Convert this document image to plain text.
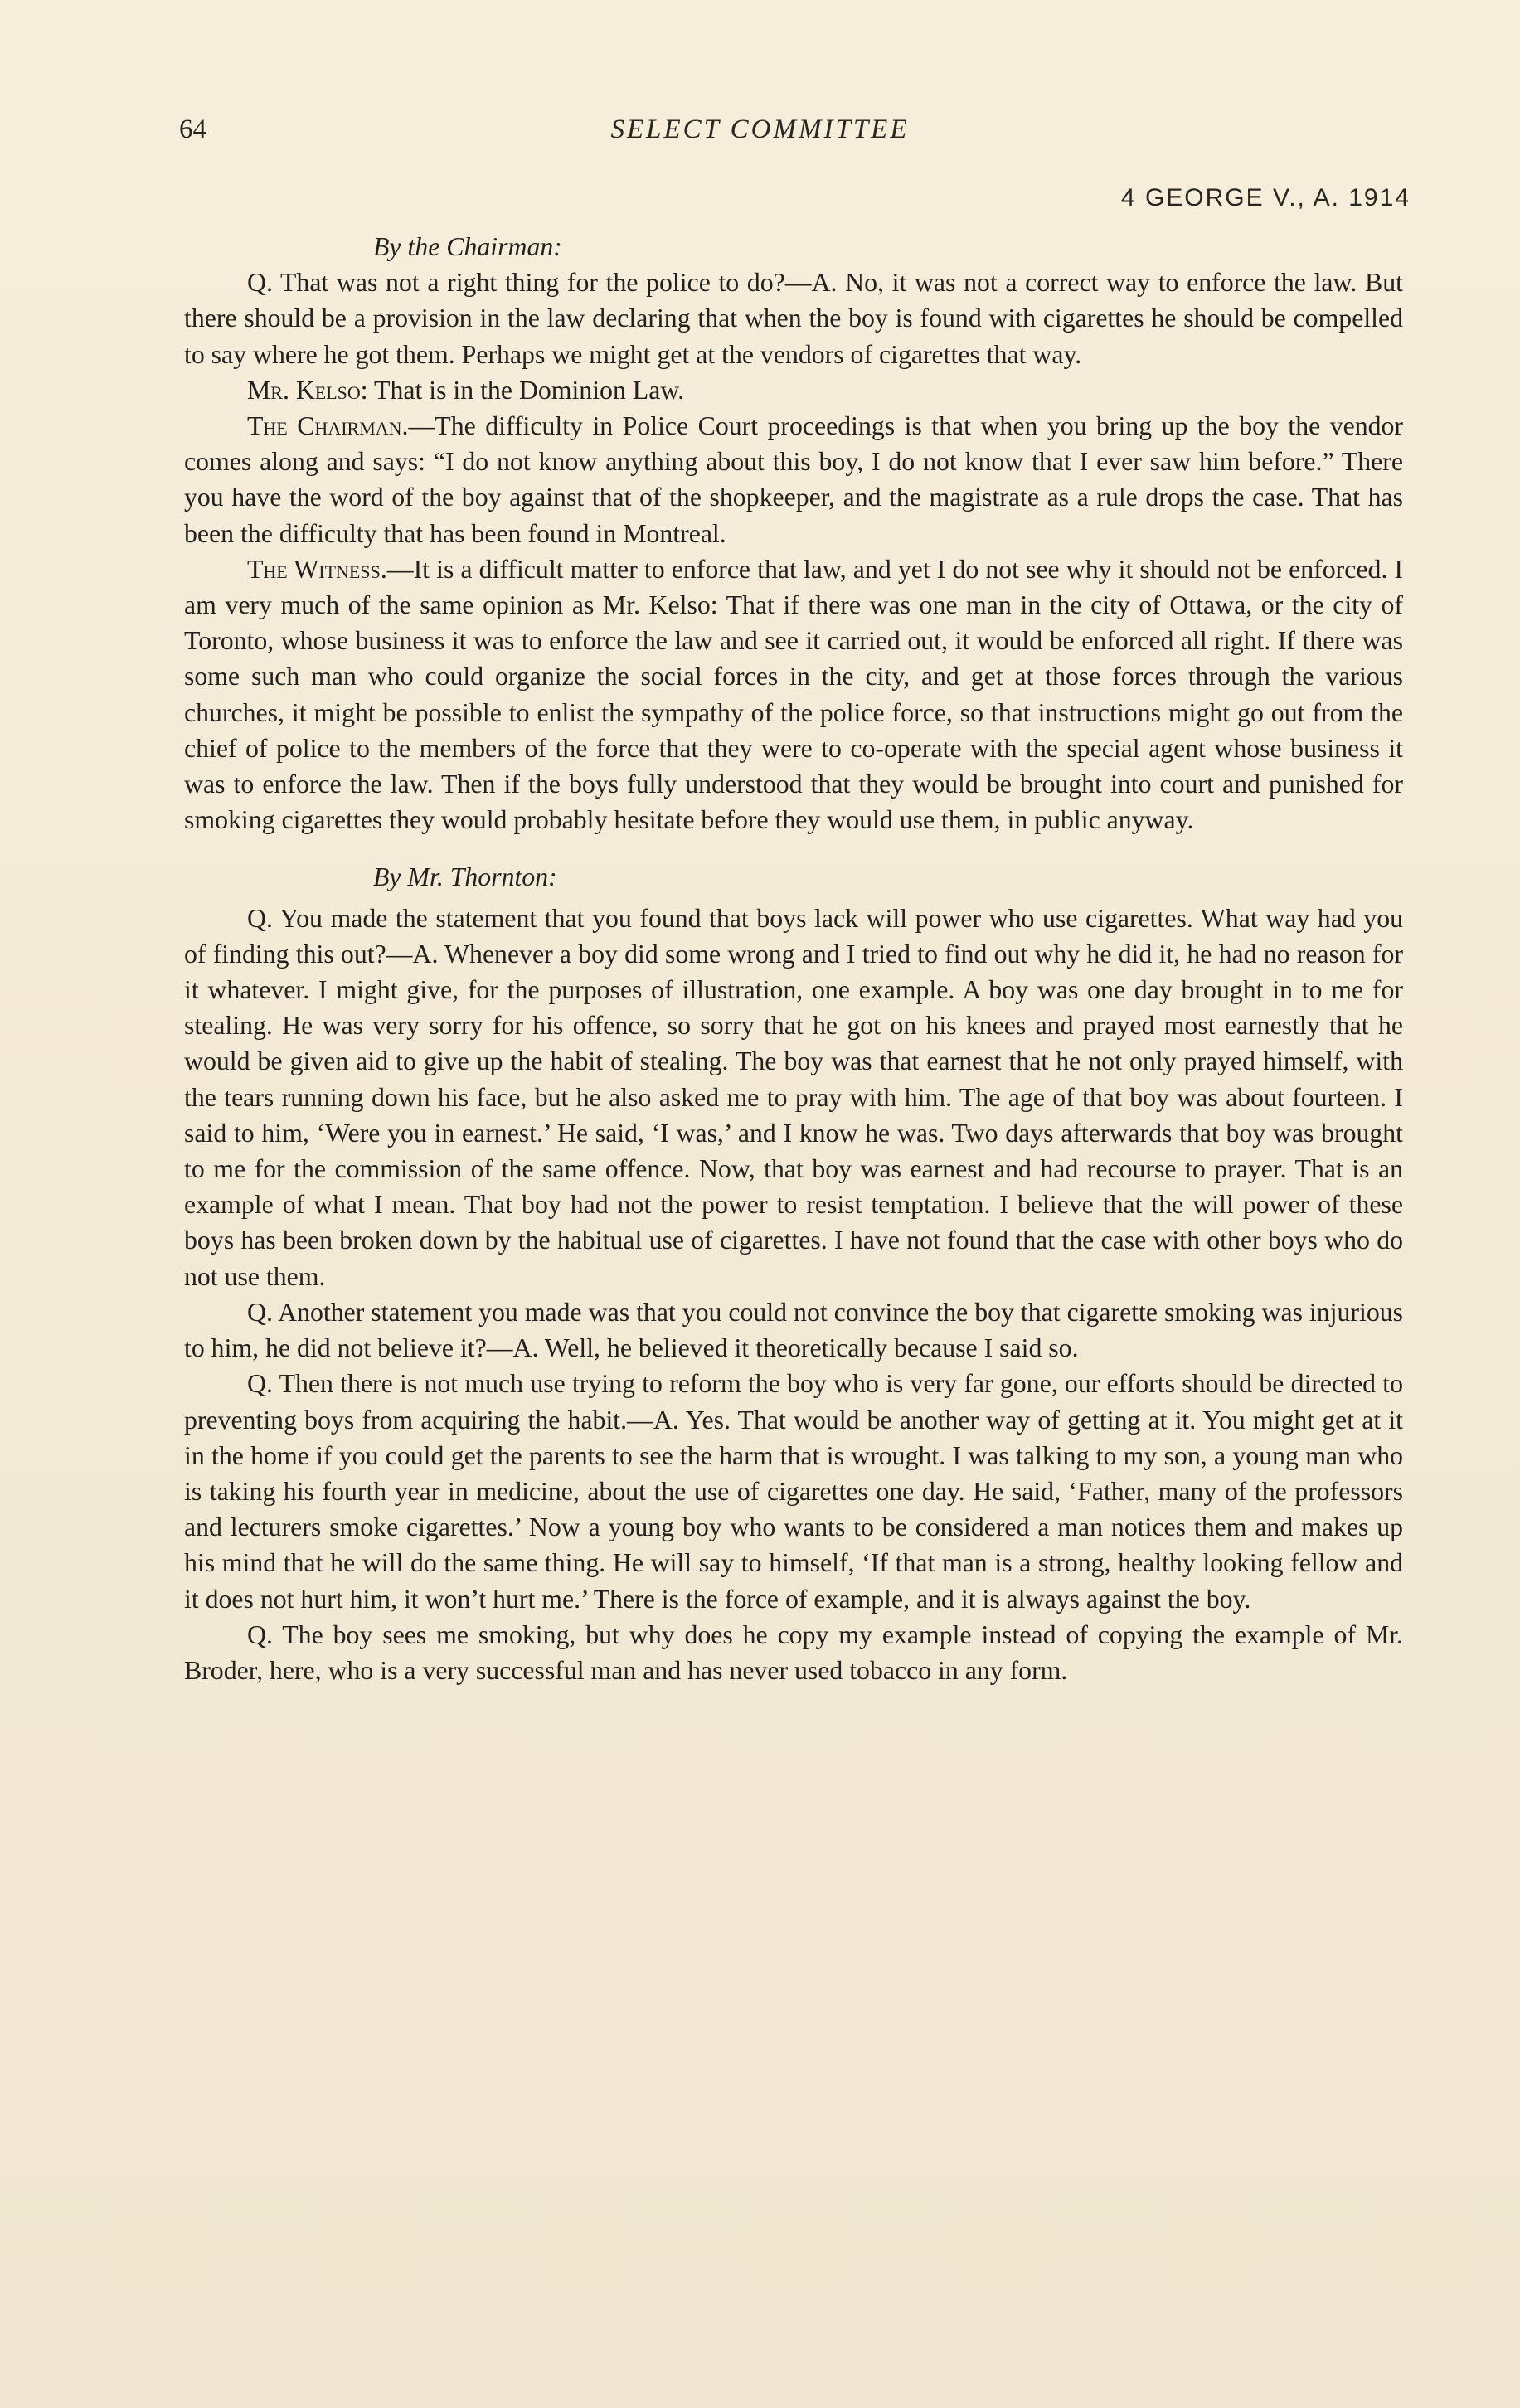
64	SELECT COMMITTEE
4 GEORGE V., A. 1914

By the Chairman:

Q. That was not a right thing for the police to do?—A. No, it was not a correct way to enforce the law. But there should be a provision in the law declaring that when the boy is found with cigarettes he should be compelled to say where he got them. Perhaps we might get at the vendors of cigarettes that way.

Mr. Kelso: That is in the Dominion Law.

The Chairman.—The difficulty in Police Court proceedings is that when you bring up the boy the vendor comes along and says: “I do not know anything about this boy, I do not know that I ever saw him before.” There you have the word of the boy against that of the shopkeeper, and the magistrate as a rule drops the case. That has been the difficulty that has been found in Montreal.

The Witness.—It is a difficult matter to enforce that law, and yet I do not see why it should not be enforced. I am very much of the same opinion as Mr. Kelso: That if there was one man in the city of Ottawa, or the city of Toronto, whose business it was to enforce the law and see it carried out, it would be enforced all right. If there was some such man who could organize the social forces in the city, and get at those forces through the various churches, it might be possible to enlist the sympathy of the police force, so that instructions might go out from the chief of police to the members of the force that they were to co-operate with the special agent whose business it was to enforce the law. Then if the boys fully understood that they would be brought into court and punished for smoking cigarettes they would probably hesitate before they would use them, in public anyway.

By Mr. Thornton:

Q. You made the statement that you found that boys lack will power who use cigarettes. What way had you of finding this out?—A. Whenever a boy did some wrong and I tried to find out why he did it, he had no reason for it whatever. I might give, for the purposes of illustration, one example. A boy was one day brought in to me for stealing. He was very sorry for his offence, so sorry that he got on his knees and prayed most earnestly that he would be given aid to give up the habit of stealing. The boy was that earnest that he not only prayed himself, with the tears running down his face, but he also asked me to pray with him. The age of that boy was about fourteen. I said to him, ‘Were you in earnest.’ He said, ‘I was,’ and I know he was. Two days afterwards that boy was brought to me for the commission of the same offence. Now, that boy was earnest and had recourse to prayer. That is an example of what I mean. That boy had not the power to resist temptation. I believe that the will power of these boys has been broken down by the habitual use of cigarettes. I have not found that the case with other boys who do not use them.

Q. Another statement you made was that you could not convince the boy that cigarette smoking was injurious to him, he did not believe it?—A. Well, he believed it theoretically because I said so.

Q. Then there is not much use trying to reform the boy who is very far gone, our efforts should be directed to preventing boys from acquiring the habit.—A. Yes. That would be another way of getting at it. You might get at it in the home if you could get the parents to see the harm that is wrought. I was talking to my son, a young man who is taking his fourth year in medicine, about the use of cigarettes one day. He said, ‘Father, many of the professors and lecturers smoke cigarettes.’ Now a young boy who wants to be considered a man notices them and makes up his mind that he will do the same thing. He will say to himself, ‘If that man is a strong, healthy looking fellow and it does not hurt him, it won’t hurt me.’ There is the force of example, and it is always against the boy.

Q. The boy sees me smoking, but why does he copy my example instead of copying the example of Mr. Broder, here, who is a very successful man and has never used tobacco in any form.
